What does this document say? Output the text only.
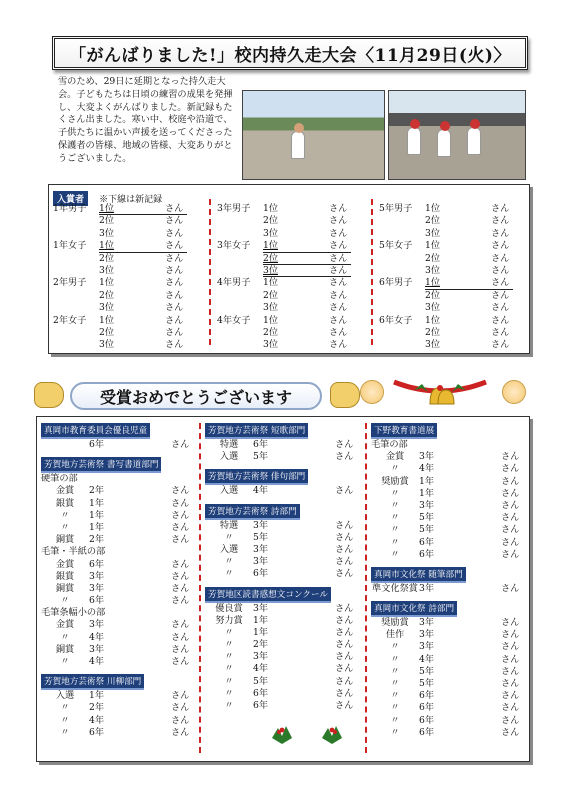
「がんばりました!」校内持久走大会〈11月29日(火)〉
雪のため、29日に延期となった持久走大会。子どもたちは日頃の練習の成果を発揮し、大変よくがんばりました。新記録もたくさん出ました。寒い中、校庭や沿道で、子供たちに温かい声援を送ってくださった保護者の皆様、地域の皆様、大変ありがとうございました。
入賞者 ※下線は新記録
1年男子 1位	さん
2位	さん
3位	さん
1年女子 1位	さん
2位	さん
3位	さん
2年男子 1位	さん
2位	さん
3位	さん
2年女子 1位	さん
2位	さん
3位	さん
3年男子 1位	さん
2位	さん
3位	さん
3年女子 1位	さん
2位	さん
3位	さん
4年男子 1位	さん
2位	さん
3位	さん
4年女子 1位	さん
2位	さん
3位	さん
5年男子 1位	さん
2位	さん
3位	さん
5年女子 1位	さん
2位	さん
3位	さん
6年男子 1位	さん
2位	さん
3位	さん
6年女子 1位	さん
2位	さん
3位	さん
受賞おめでとうございます
真岡市教育委員会優良児童
6年	さん
芳賀地方芸術祭 書写書道部門
硬筆の部
金賞 2年	さん
銀賞 1年	さん
〃 1年	さん
〃 1年	さん
銅賞 2年	さん
毛筆・半紙の部
金賞 6年	さん
銀賞 3年	さん
銅賞 3年	さん
〃 6年	さん
毛筆条幅小の部
金賞 3年	さん
〃 4年	さん
銅賞 3年	さん
〃 4年	さん
芳賀地方芸術祭 川柳部門
入選 1年	さん
〃 2年	さん
〃 4年	さん
〃 6年	さん
芳賀地方芸術祭 短歌部門
特選 6年	さん
入選 5年	さん
芳賀地方芸術祭 俳句部門
入選 4年	さん
芳賀地方芸術祭 詩部門
特選 3年	さん
〃 5年	さん
入選 3年	さん
〃 3年	さん
〃 6年	さん
芳賀地区読書感想文コンクール
優良賞 3年	さん
努力賞 1年	さん
〃 1年	さん
〃 2年	さん
〃 3年	さん
〃 4年	さん
〃 5年	さん
〃 6年	さん
〃 6年	さん
下野教育書道展
毛筆の部
金賞 3年	さん
〃 4年	さん
奨励賞 1年	さん
〃 1年	さん
〃 3年	さん
〃 5年	さん
〃 5年	さん
〃 6年	さん
〃 6年	さん
真岡市文化祭 随筆部門
準文化祭賞3年	さん
真岡市文化祭 詩部門
奨励賞 3年	さん
佳作 3年	さん
〃 3年	さん
〃 4年	さん
〃 5年	さん
〃 5年	さん
〃 6年	さん
〃 6年	さん
〃 6年	さん
〃 6年	さん
